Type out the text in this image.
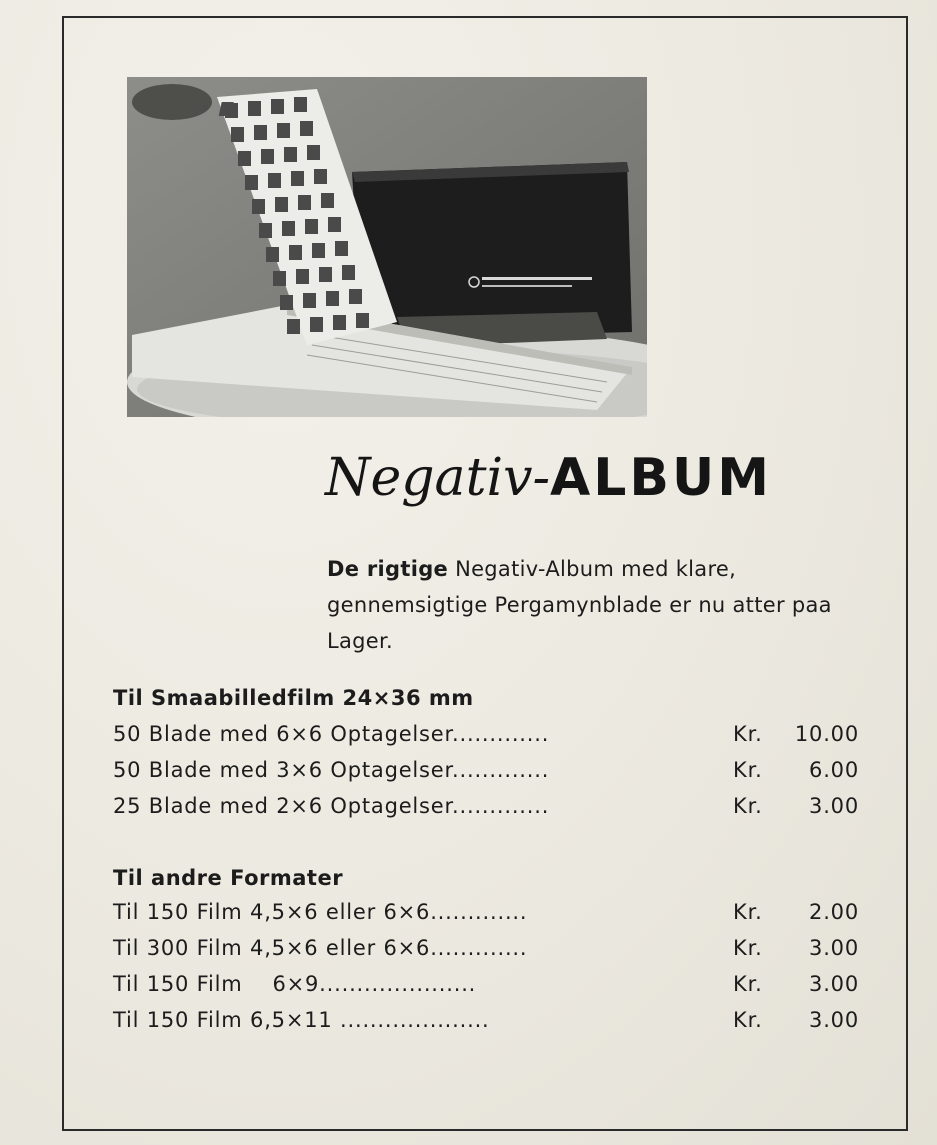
Negativ-ALBUM
De rigtige Negativ-Album med klare, gennemsigtige Pergamynblade er nu atter paa Lager.
Til Smaabilledfilm 24×36 mm
50 Blade med 6×6 Optagelser.............	Kr. 10.00
50 Blade med 3×6 Optagelser.............	Kr. 6.00
25 Blade med 2×6 Optagelser.............	Kr. 3.00
Til andre Formater
Til 150 Film 4,5×6 eller 6×6.............	Kr. 2.00
Til 300 Film 4,5×6 eller 6×6.............	Kr. 3.00
Til 150 Film    6×9.....................	Kr. 3.00
Til 150 Film 6,5×11 ....................	Kr. 3.00
